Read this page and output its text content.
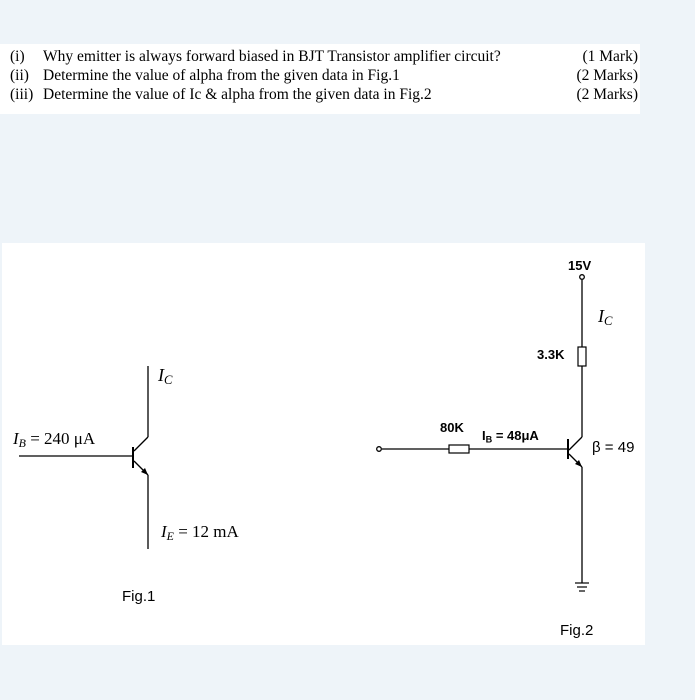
(i) Why emitter is always forward biased in BJT Transistor amplifier circuit?	(1 Mark)
(ii) Determine the value of alpha from the given data in Fig.1	(2 Marks)
(iii) Determine the value of Ic & alpha from the given data in Fig.2	(2 Marks)
$I_C$
$I_B = 240$ μA
$I_E = 12$ mA
Fig.1
15V
$I_C$
3.3K
80K
$I_B = 48\mu A$
β = 49
Fig.2
